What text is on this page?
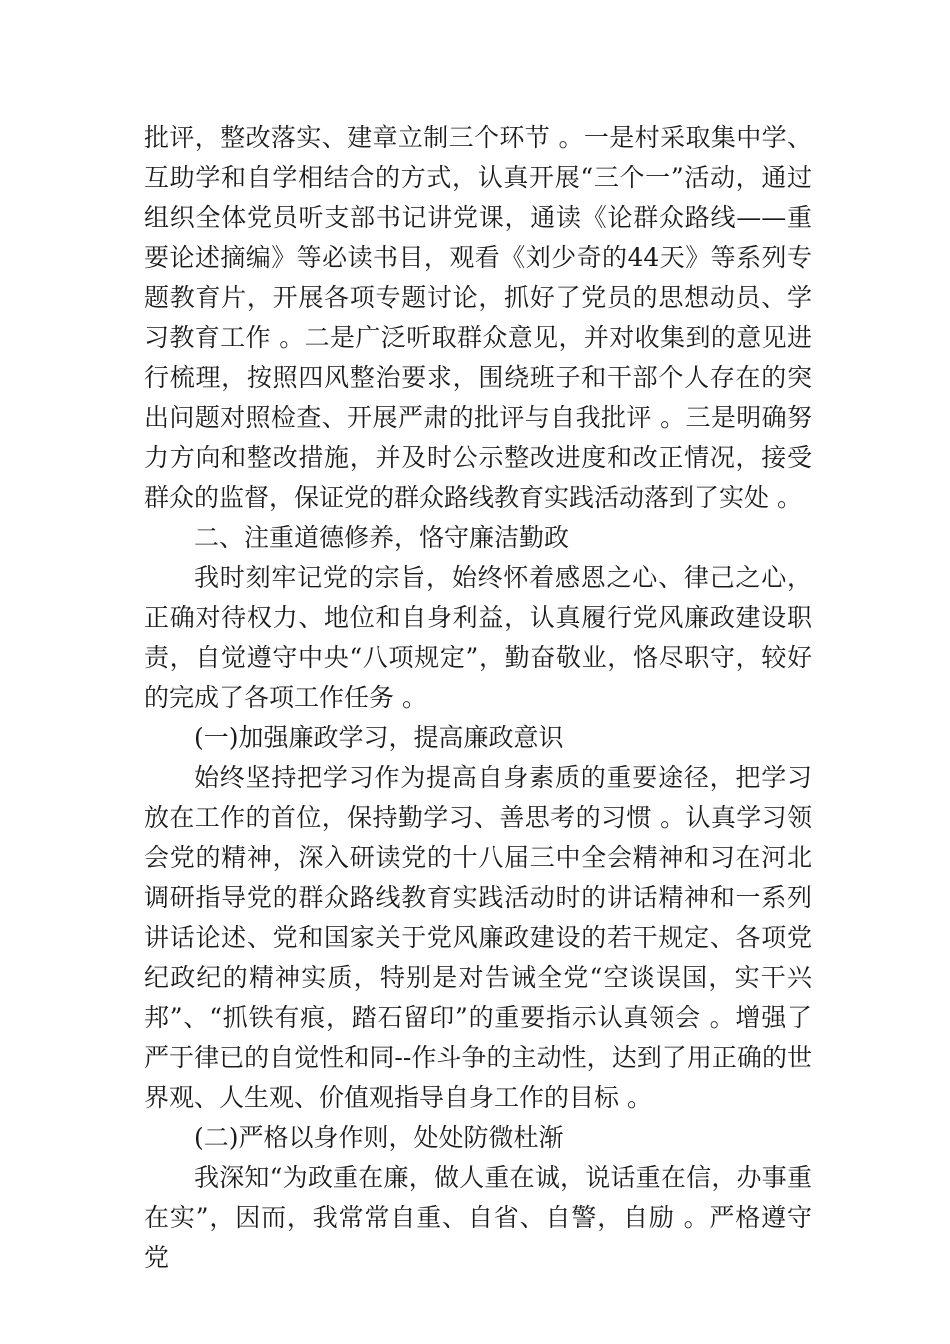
批评，整改落实、建章立制三个环节 。一是村采取集中学、互助学和自学相结合的方式，认真开展“三个一”活动，通过组织全体党员听支部书记讲党课，通读《论群众路线——重要论述摘编》等必读书目，观看《刘少奇的44天》等系列专题教育片，开展各项专题讨论，抓好了党员的思想动员、学习教育工作 。二是广泛听取群众意见，并对收集到的意见进行梳理，按照四风整治要求，围绕班子和干部个人存在的突出问题对照检查、开展严肃的批评与自我批评 。三是明确努力方向和整改措施，并及时公示整改进度和改正情况，接受群众的监督，保证党的群众路线教育实践活动落到了实处 。

二、注重道德修养，恪守廉洁勤政

我时刻牢记党的宗旨，始终怀着感恩之心、律己之心，正确对待权力、地位和自身利益，认真履行党风廉政建设职责，自觉遵守中央“八项规定”，勤奋敬业，恪尽职守，较好的完成了各项工作任务 。

(一)加强廉政学习，提高廉政意识

始终坚持把学习作为提高自身素质的重要途径，把学习放在工作的首位，保持勤学习、善思考的习惯 。认真学习领会党的精神，深入研读党的十八届三中全会精神和习在河北调研指导党的群众路线教育实践活动时的讲话精神和一系列讲话论述、党和国家关于党风廉政建设的若干规定、各项党纪政纪的精神实质，特别是对告诫全党“空谈误国，实干兴邦”、“抓铁有痕，踏石留印”的重要指示认真领会 。增强了严于律已的自觉性和同--作斗争的主动性，达到了用正确的世界观、人生观、价值观指导自身工作的目标 。

(二)严格以身作则，处处防微杜渐

我深知“为政重在廉，做人重在诚，说话重在信，办事重在实”，因而，我常常自重、自省、自警，自励 。严格遵守党
